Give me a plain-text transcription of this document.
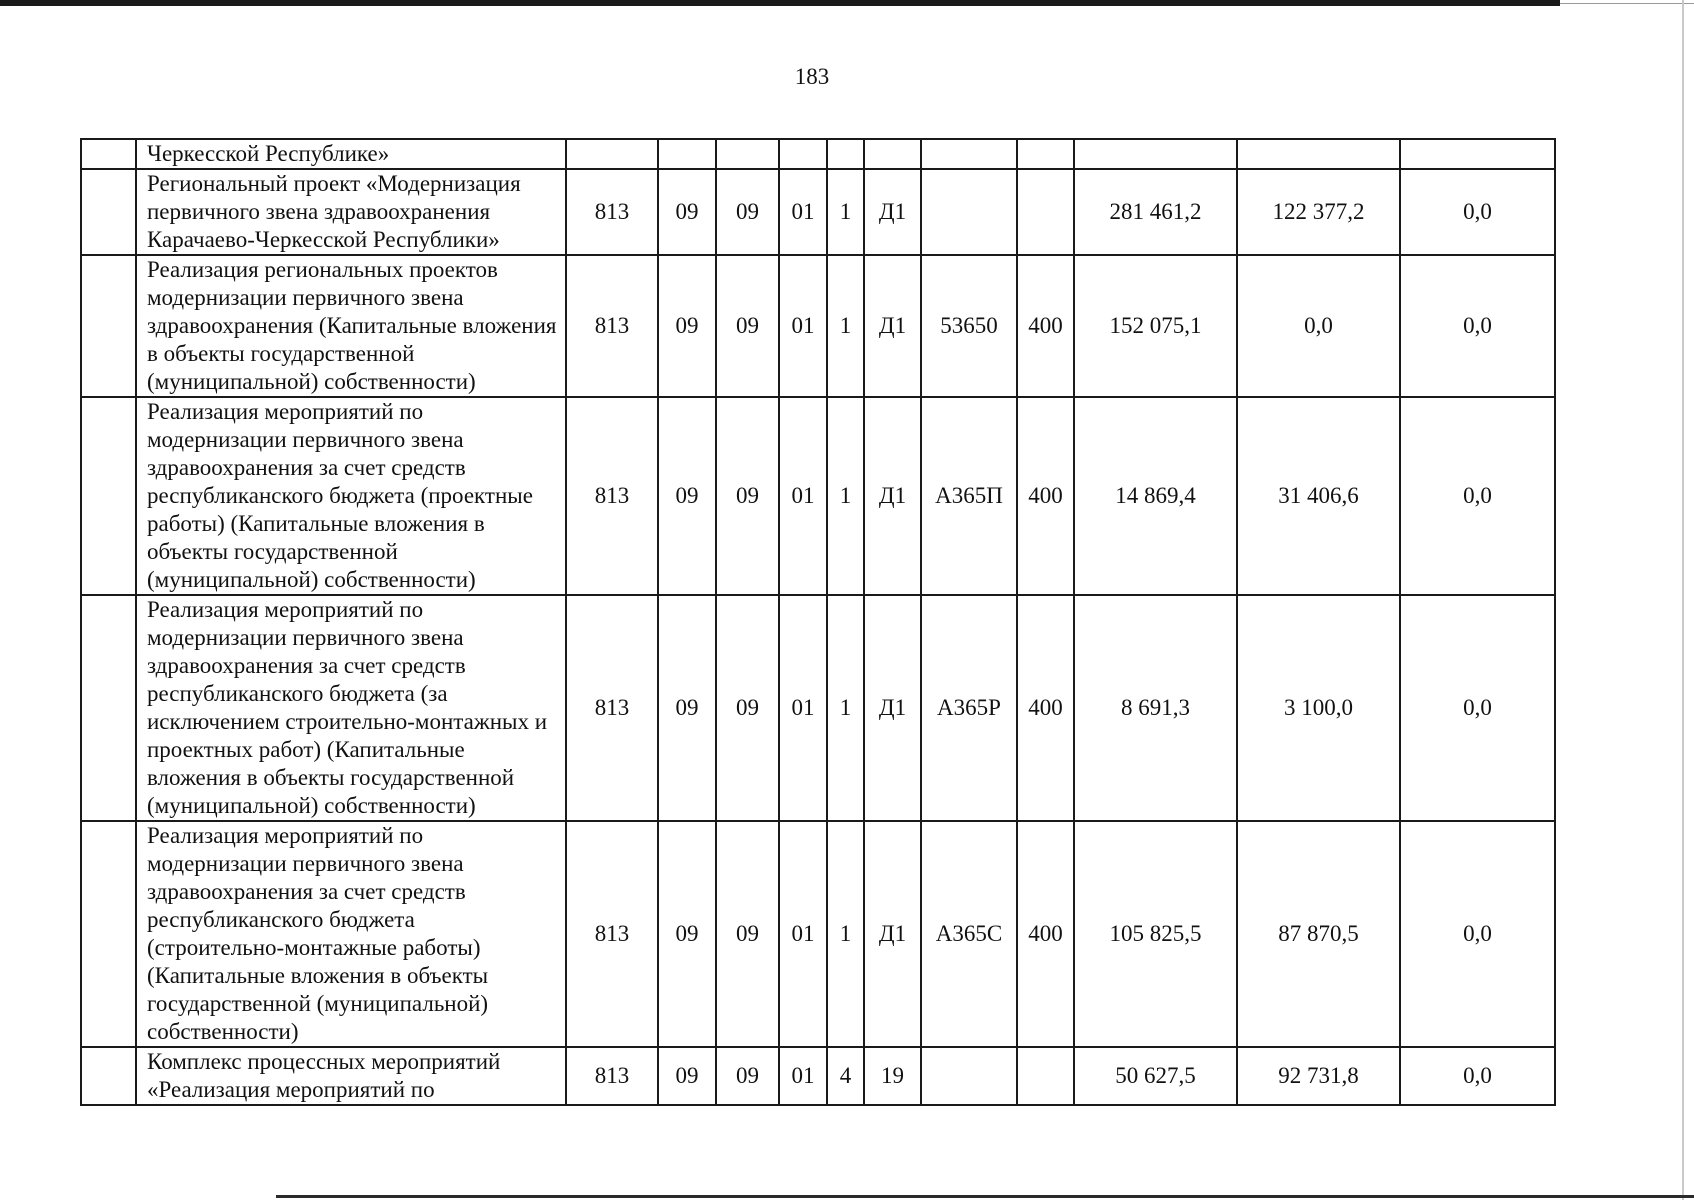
183
	Черкесской Республике»											
	Региональный проект «Модернизация первичного звена здравоохранения Карачаево-Черкесской Республики»	813	09	09	01	1	Д1			281 461,2	122 377,2	0,0
	Реализация региональных проектов модернизации первичного звена здравоохранения (Капитальные вложения в объекты государственной (муниципальной) собственности)	813	09	09	01	1	Д1	53650	400	152 075,1	0,0	0,0
	Реализация мероприятий по модернизации первичного звена здравоохранения за счет средств республиканского бюджета (проектные работы) (Капитальные вложения в объекты государственной (муниципальной) собственности)	813	09	09	01	1	Д1	А365П	400	14 869,4	31 406,6	0,0
	Реализация мероприятий по модернизации первичного звена здравоохранения за счет средств республиканского бюджета (за исключением строительно-монтажных и проектных работ) (Капитальные вложения в объекты государственной (муниципальной) собственности)	813	09	09	01	1	Д1	А365Р	400	8 691,3	3 100,0	0,0
	Реализация мероприятий по модернизации первичного звена здравоохранения за счет средств республиканского бюджета (строительно-монтажные работы) (Капитальные вложения в объекты государственной (муниципальной) собственности)	813	09	09	01	1	Д1	А365С	400	105 825,5	87 870,5	0,0
	Комплекс процессных мероприятий «Реализация мероприятий по	813	09	09	01	4	19			50 627,5	92 731,8	0,0
